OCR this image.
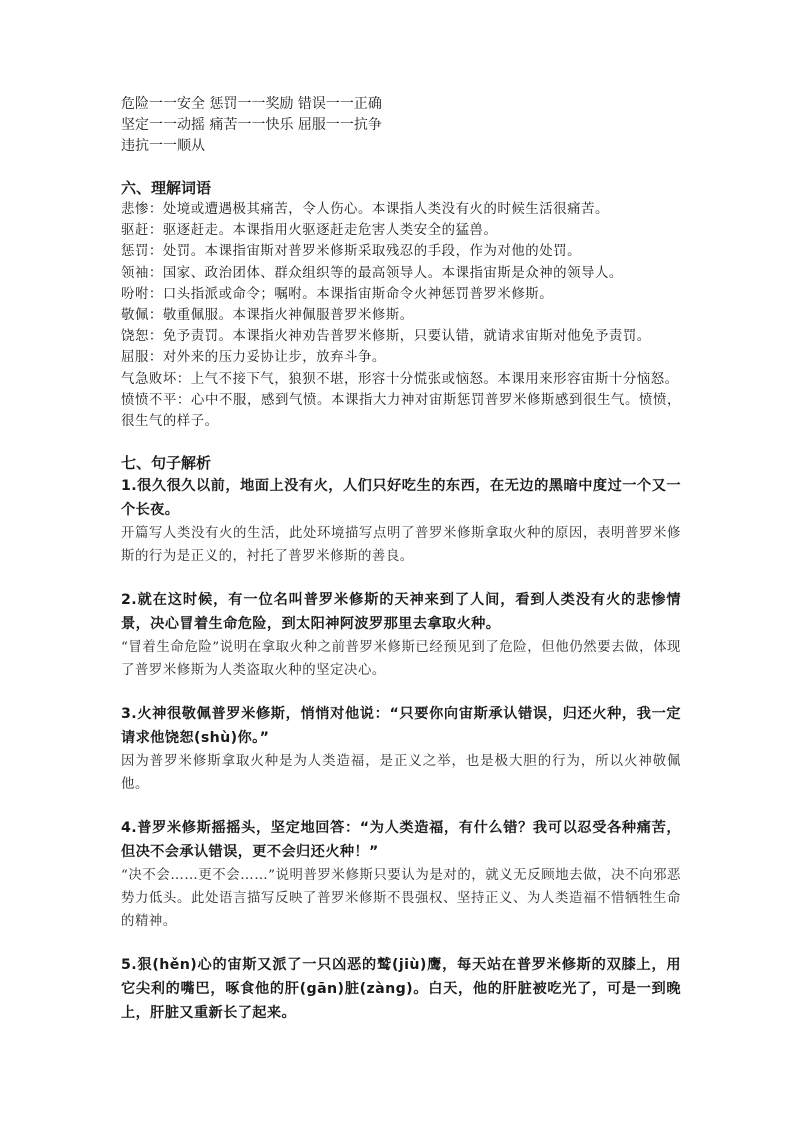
危险一一安全 惩罚一一奖励 错误一一正确

坚定一一动摇 痛苦一一快乐 屈服一一抗争

违抗一一顺从

六、理解词语

悲惨：处境或遭遇极其痛苦，令人伤心。本课指人类没有火的时候生活很痛苦。

驱赶：驱逐赶走。本课指用火驱逐赶走危害人类安全的猛兽。

惩罚：处罚。本课指宙斯对普罗米修斯采取残忍的手段，作为对他的处罚。

领袖：国家、政治团体、群众组织等的最高领导人。本课指宙斯是众神的领导人。

吩咐：口头指派或命令；嘱咐。本课指宙斯命令火神惩罚普罗米修斯。

敬佩：敬重佩服。本课指火神佩服普罗米修斯。

饶恕：免予责罚。本课指火神劝告普罗米修斯，只要认错，就请求宙斯对他免予责罚。

屈服：对外来的压力妥协让步，放弃斗争。

气急败坏：上气不接下气，狼狈不堪，形容十分慌张或恼怒。本课用来形容宙斯十分恼怒。

愤愤不平：心中不服，感到气愤。本课指大力神对宙斯惩罚普罗米修斯感到很生气。愤愤，很生气的样子。

七、句子解析

1.很久很久以前，地面上没有火，人们只好吃生的东西，在无边的黑暗中度过一个又一个长夜。

开篇写人类没有火的生活，此处环境描写点明了普罗米修斯拿取火种的原因，表明普罗米修斯的行为是正义的，衬托了普罗米修斯的善良。

2.就在这时候，有一位名叫普罗米修斯的天神来到了人间，看到人类没有火的悲惨情景，决心冒着生命危险，到太阳神阿波罗那里去拿取火种。

“冒着生命危险”说明在拿取火种之前普罗米修斯已经预见到了危险，但他仍然要去做，体现了普罗米修斯为人类盗取火种的坚定决心。

3.火神很敬佩普罗米修斯，悄悄对他说：“只要你向宙斯承认错误，归还火种，我一定请求他饶恕(shù)你。”

因为普罗米修斯拿取火种是为人类造福，是正义之举，也是极大胆的行为，所以火神敬佩他。

4.普罗米修斯摇摇头，坚定地回答：“为人类造福，有什么错？我可以忍受各种痛苦，但决不会承认错误，更不会归还火种！”

“决不会……更不会……”说明普罗米修斯只要认为是对的，就义无反顾地去做，决不向邪恶势力低头。此处语言描写反映了普罗米修斯不畏强权、坚持正义、为人类造福不惜牺牲生命的精神。

5.狠(hěn)心的宙斯又派了一只凶恶的鹫(jiù)鹰，每天站在普罗米修斯的双膝上，用它尖利的嘴巴，啄食他的肝(gān)脏(zàng)。白天，他的肝脏被吃光了，可是一到晚上，肝脏又重新长了起来。
